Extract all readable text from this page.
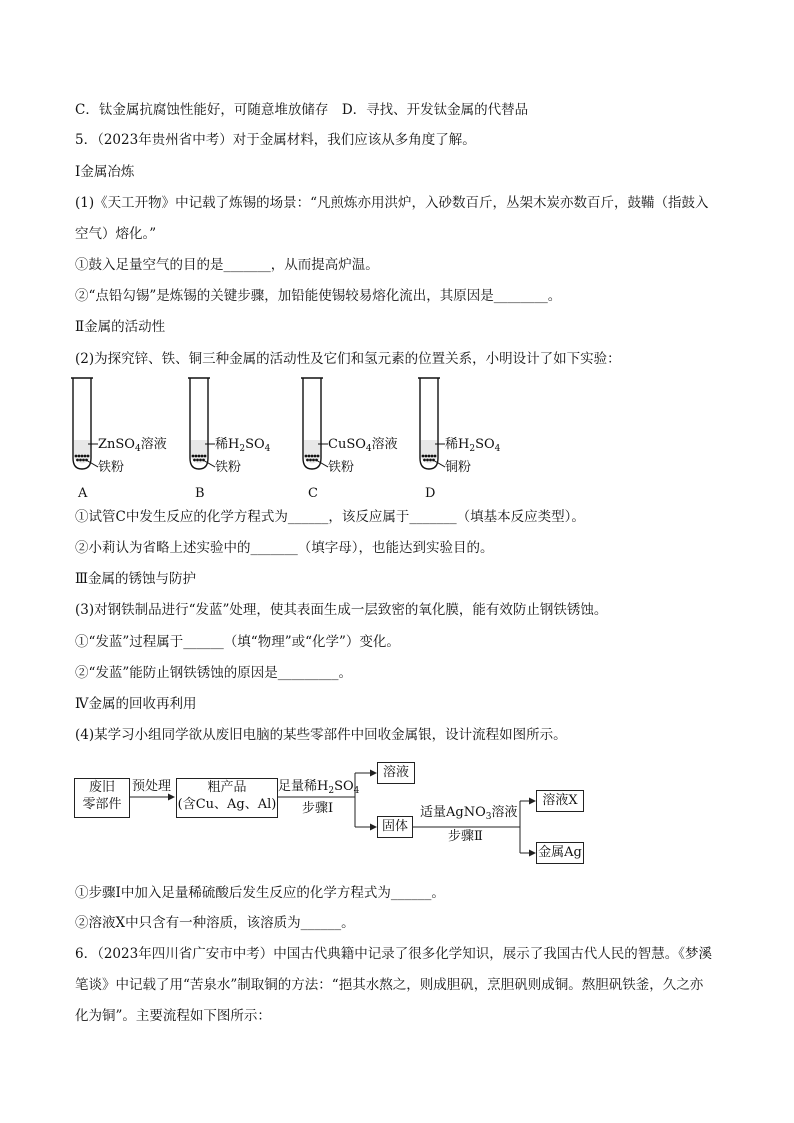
C．钛金属抗腐蚀性能好，可随意堆放储存　D．寻找、开发钛金属的代替品
5．（2023年贵州省中考）对于金属材料，我们应该从多角度了解。
Ⅰ金属冶炼
(1)《天工开物》中记载了炼锡的场景：“凡煎炼亦用洪炉，入砂数百斤，丛架木炭亦数百斤，鼓鞴（指鼓入
空气）熔化。”
①鼓入足量空气的目的是_______，从而提高炉温。
②“点铅勾锡”是炼锡的关键步骤，加铅能使锡较易熔化流出，其原因是________。
Ⅱ金属的活动性
(2)为探究锌、铁、铜三种金属的活动性及它们和氢元素的位置关系，小明设计了如下实验：
ZnSO$_4$溶液
铁粉
A
稀$H_2SO_4$
铁粉
B
CuSO$_4$溶液
铁粉
C
稀$H_2SO_4$
铜粉
D
①试管C中发生反应的化学方程式为______，该反应属于_______（填基本反应类型）。
②小莉认为省略上述实验中的_______（填字母），也能达到实验目的。
Ⅲ金属的锈蚀与防护
(3)对钢铁制品进行“发蓝”处理，使其表面生成一层致密的氧化膜，能有效防止钢铁锈蚀。
①“发蓝”过程属于______（填“物理”或“化学”）变化。
②“发蓝”能防止钢铁锈蚀的原因是_________。
Ⅳ金属的回收再利用
(4)某学习小组同学欲从废旧电脑的某些零部件中回收金属银，设计流程如图所示。
废旧
零部件
预处理	粗产品
(含Cu、Ag、Al)
足量稀$H_2SO_4$
步骤Ⅰ
溶液
固体
适量AgNO$_3$溶液
步骤Ⅱ
溶液X
金属Ag
①步骤Ⅰ中加入足量稀硫酸后发生反应的化学方程式为______。
②溶液X中只含有一种溶质，该溶质为______。
6．（2023年四川省广安市中考）中国古代典籍中记录了很多化学知识，展示了我国古代人民的智慧。《梦溪
笔谈》中记载了用“苦泉水”制取铜的方法：“挹其水熬之，则成胆矾，烹胆矾则成铜。熬胆矾铁釜，久之亦
化为铜”。主要流程如下图所示：
